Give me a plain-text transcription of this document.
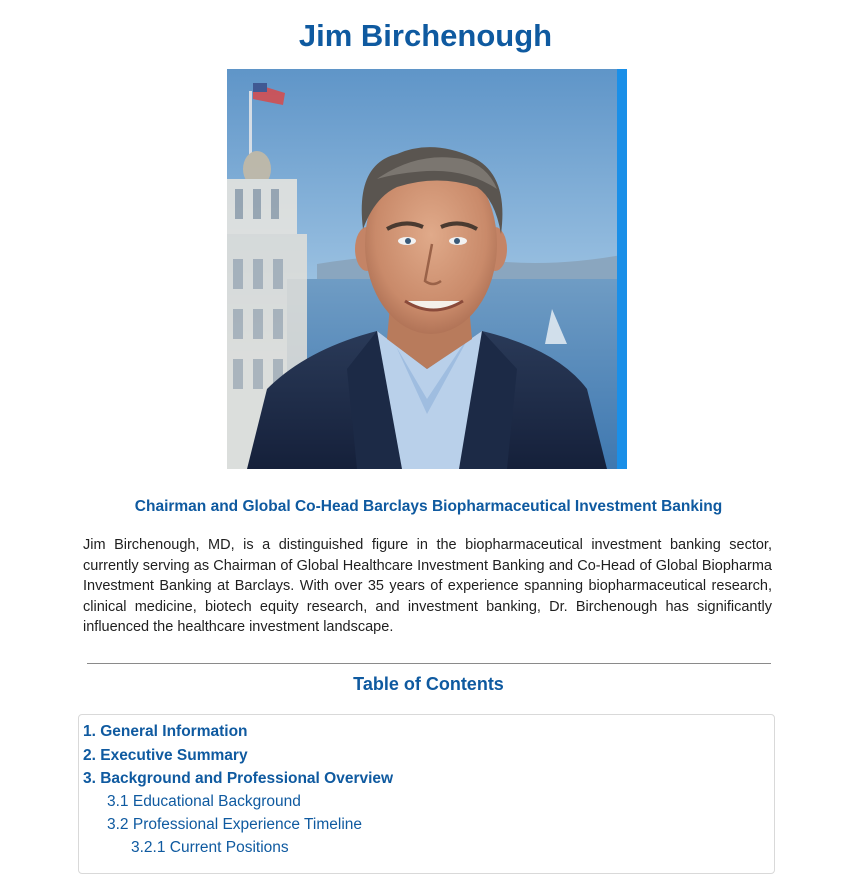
Jim Birchenough
Chairman and Global Co-Head Barclays Biopharmaceutical Investment Banking

Jim Birchenough, MD, is a distinguished figure in the biopharmaceutical investment banking sector, currently serving as Chairman of Global Healthcare Investment Banking and Co-Head of Global Biopharma Investment Banking at Barclays. With over 35 years of experience spanning biopharmaceutical research, clinical medicine, biotech equity research, and investment banking, Dr. Birchenough has significantly influenced the healthcare investment landscape.

Table of Contents
1. General Information
2. Executive Summary
3. Background and Professional Overview
3.1 Educational Background
3.2 Professional Experience Timeline
3.2.1 Current Positions
